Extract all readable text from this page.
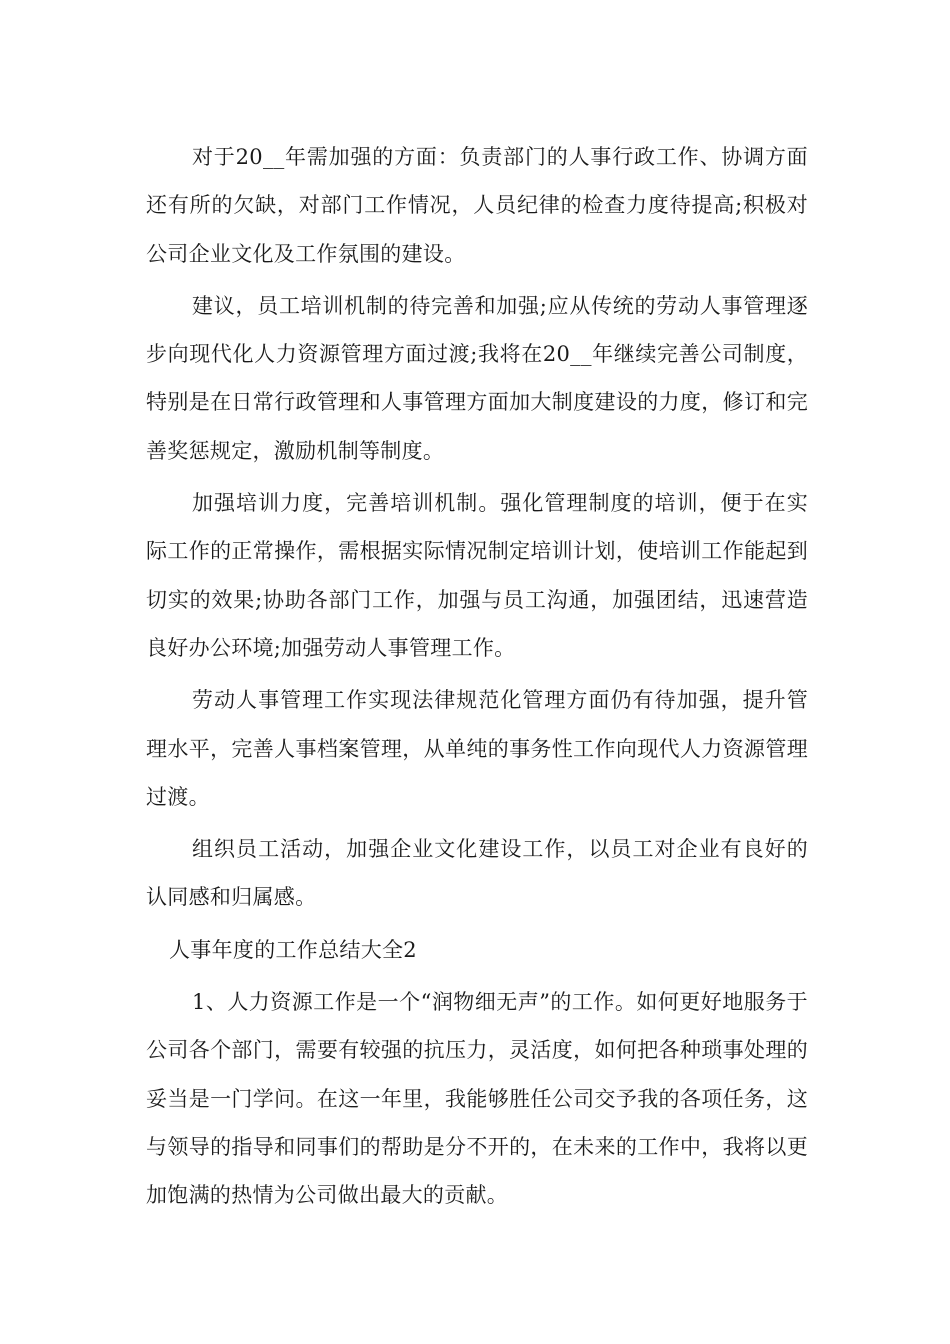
对于20__年需加强的方面：负责部门的人事行政工作、协调方面还有所的欠缺，对部门工作情况，人员纪律的检查力度待提高;积极对公司企业文化及工作氛围的建设。

建议，员工培训机制的待完善和加强;应从传统的劳动人事管理逐步向现代化人力资源管理方面过渡;我将在20__年继续完善公司制度，特别是在日常行政管理和人事管理方面加大制度建设的力度，修订和完善奖惩规定，激励机制等制度。

加强培训力度，完善培训机制。强化管理制度的培训，便于在实际工作的正常操作，需根据实际情况制定培训计划，使培训工作能起到切实的效果;协助各部门工作，加强与员工沟通，加强团结，迅速营造良好办公环境;加强劳动人事管理工作。

劳动人事管理工作实现法律规范化管理方面仍有待加强，提升管理水平，完善人事档案管理，从单纯的事务性工作向现代人力资源管理过渡。

组织员工活动，加强企业文化建设工作，以员工对企业有良好的认同感和归属感。

人事年度的工作总结大全2

1、人力资源工作是一个“润物细无声”的工作。如何更好地服务于公司各个部门，需要有较强的抗压力，灵活度，如何把各种琐事处理的妥当是一门学问。在这一年里，我能够胜任公司交予我的各项任务，这与领导的指导和同事们的帮助是分不开的，在未来的工作中，我将以更加饱满的热情为公司做出最大的贡献。
